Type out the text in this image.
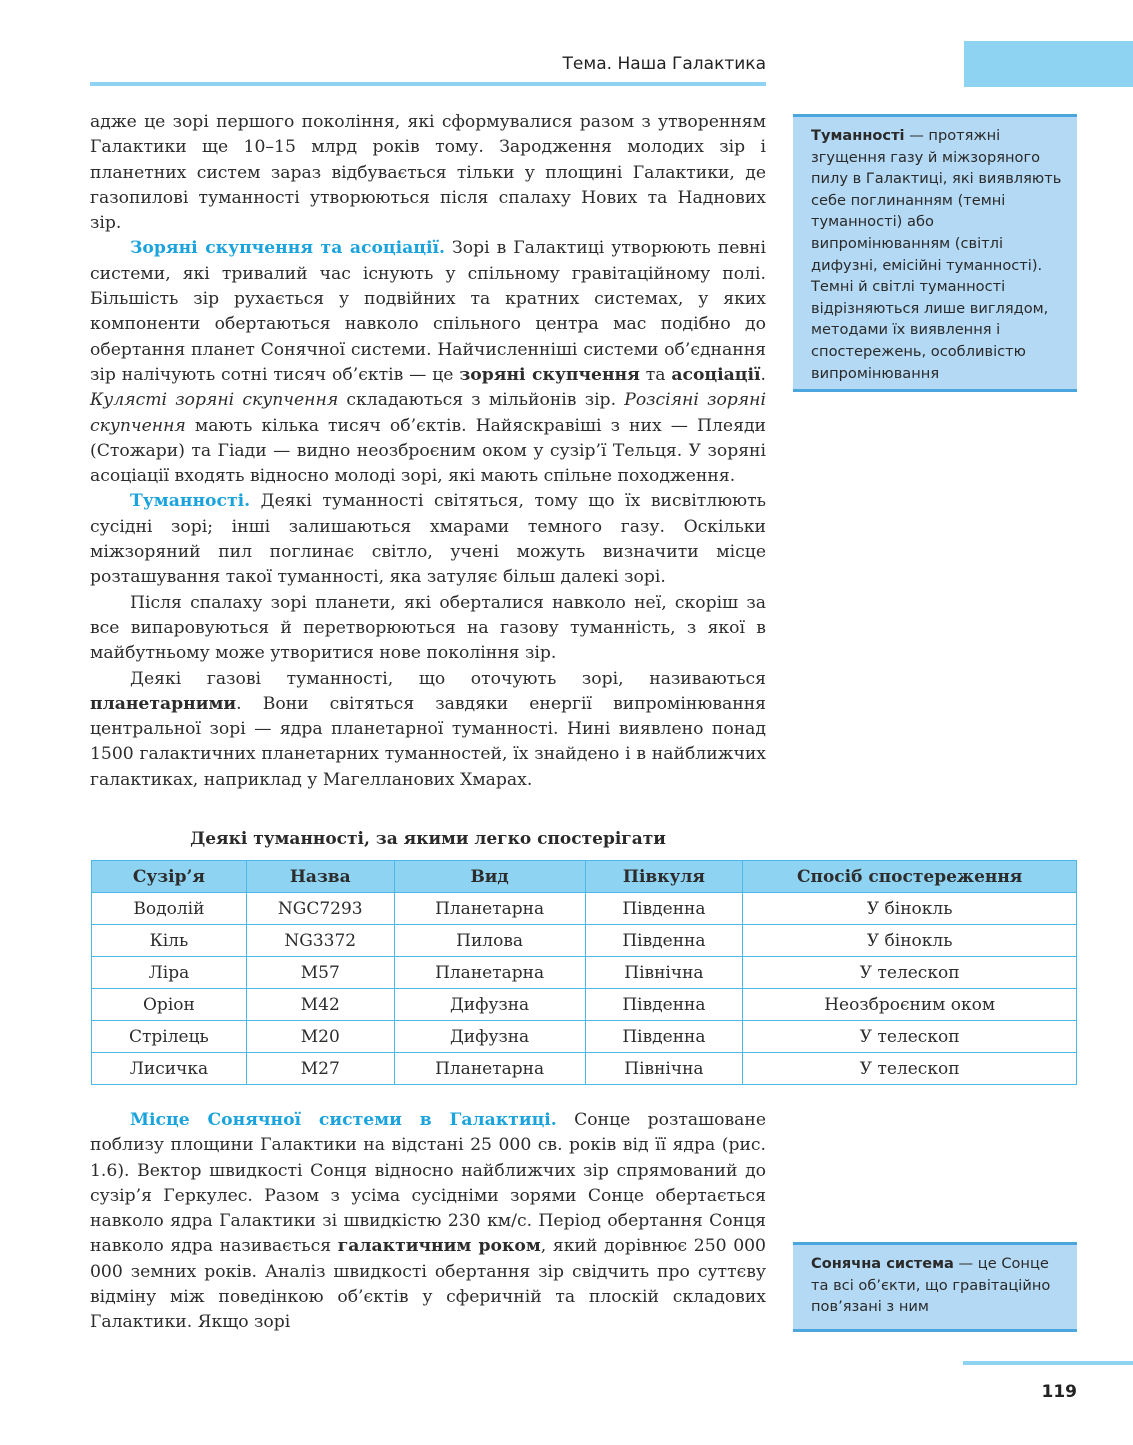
Тема. Наша Галактика

адже це зорі першого покоління, які сформувалися разом з утворенням Галактики ще 10–15 млрд років тому. Зародження молодих зір і планетних систем зараз відбувається тільки у площині Галактики, де газопилові туманності утворюються після спалаху Нових та Наднових зір.

Зоряні скупчення та асоціації. Зорі в Галактиці утворюють певні системи, які тривалий час існують у спільному гравітаційному полі. Більшість зір рухається у подвійних та кратних системах, у яких компоненти обертаються навколо спільного центра мас подібно до обертання планет Сонячної системи. Найчисленніші системи об’єднання зір налічують сотні тисяч об’єктів — це зоряні скупчення та асоціації. Кулясті зоряні скупчення складаються з мільйонів зір. Розсіяні зоряні скупчення мають кілька тисяч об’єктів. Найяскравіші з них — Плеяди (Стожари) та Гіади — видно неозброєним оком у сузір’ї Тельця. У зоряні асоціації входять відносно молоді зорі, які мають спільне походження.

Туманності. Деякі туманності світяться, тому що їх висвітлюють сусідні зорі; інші залишаються хмарами темного газу. Оскільки міжзоряний пил поглинає світло, учені можуть визначити місце розташування такої туманності, яка затуляє більш далекі зорі.

Після спалаху зорі планети, які оберталися навколо неї, скоріш за все випаровуються й перетворюються на газову туманність, з якої в майбутньому може утворитися нове покоління зір.

Деякі газові туманності, що оточують зорі, називаються планетарними. Вони світяться завдяки енергії випромінювання центральної зорі — ядра планетарної туманності. Нині виявлено понад 1500 галактичних планетарних туманностей, їх знайдено і в найближчих галактиках, наприклад у Магелланових Хмарах.

Туманності — протяжні згущення газу й міжзоряного пилу в Галактиці, які виявляють себе поглинанням (темні туманності) або випромінюванням (світлі дифузні, емісійні туманності). Темні й світлі туманності відрізняються лише виглядом, методами їх виявлення і спостережень, особливістю випромінювання
Деякі туманності, за якими легко спостерігати
Сузір’я	Назва	Вид	Півкуля	Спосіб спостереження
Водолій	NGC7293	Планетарна	Південна	У бінокль
Кіль	NG3372	Пилова	Південна	У бінокль
Ліра	M57	Планетарна	Північна	У телескоп
Оріон	M42	Дифузна	Південна	Неозброєним оком
Стрілець	M20	Дифузна	Південна	У телескоп
Лисичка	M27	Планетарна	Північна	У телескоп

Місце Сонячної системи в Галактиці. Сонце розташоване поблизу площини Галактики на відстані 25 000 св. років від її ядра (рис. 1.6). Вектор швидкості Сонця відносно найближчих зір спрямований до сузір’я Геркулес. Разом з усіма сусідніми зорями Сонце обертається навколо ядра Галактики зі швидкістю 230 км/с. Період обертання Сонця навколо ядра називається галактичним роком, який дорівнює 250 000 000 земних років. Аналіз швидкості обертання зір свідчить про суттєву відміну між поведінкою об’єктів у сферичній та плоскій складових Галактики. Якщо зорі

Сонячна система — це Сонце та всі об’єкти, що гравітаційно пов’язані з ним
119
